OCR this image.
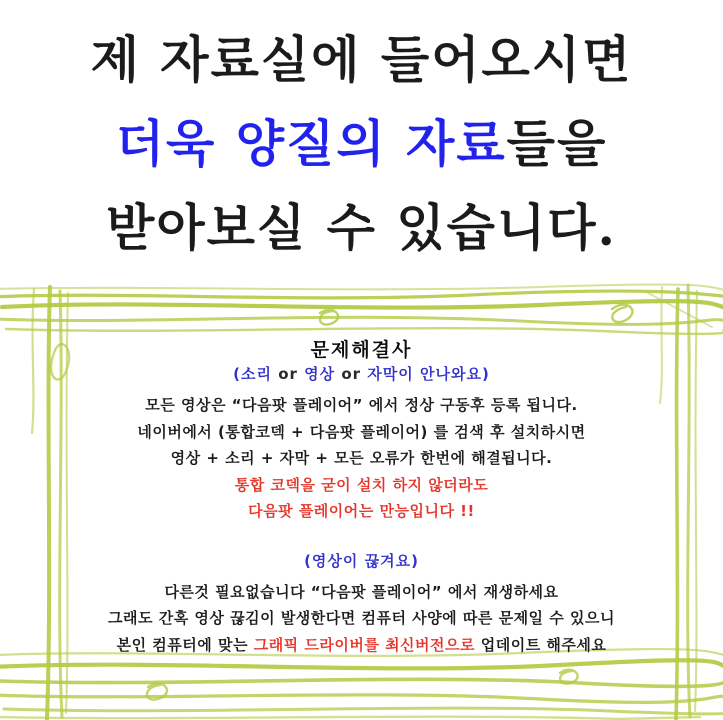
제 자료실에 들어오시면
더욱 양질의 자료들을
받아보실 수 있습니다.

문제해결사

(소리 or 영상 or 자막이 안나와요)

모든 영상은 “다음팟 플레이어” 에서 정상 구동후 등록 됩니다.

네이버에서 (통합코덱 + 다음팟 플레이어) 를 검색 후 설치하시면

영상 + 소리 + 자막 + 모든 오류가 한번에 해결됩니다.

통합 코덱을 굳이 설치 하지 않더라도

다음팟 플레이어는 만능입니다 !!

(영상이 끊겨요)

다른것 필요없습니다 “다음팟 플레이어” 에서 재생하세요

그래도 간혹 영상 끊김이 발생한다면 컴퓨터 사양에 따른 문제일 수 있으니

본인 컴퓨터에 맞는 그래픽 드라이버를 최신버전으로 업데이트 해주세요
